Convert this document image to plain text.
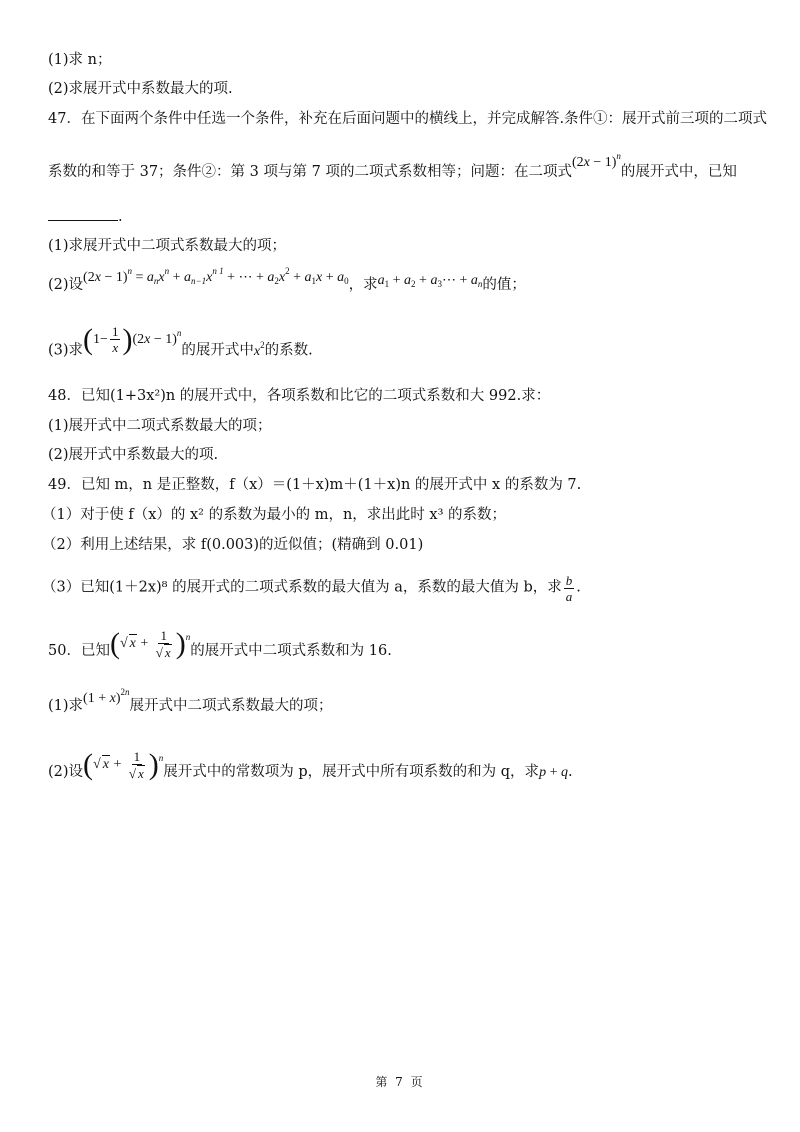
(1)求 n；
(2)求展开式中系数最大的项.
47．在下面两个条件中任选一个条件，补充在后面问题中的横线上，并完成解答.条件①：展开式前三项的二项式
系数的和等于 37；条件②：第 3 项与第 7 项的二项式系数相等；问题：在二项式$(2x - 1)^n$的展开式中，已知
.
(1)求展开式中二项式系数最大的项；
(2)设$(2x - 1)^n = a_nx^n + a_{n-1}x^{n 1}$ + ⋯ + $a_2x^2 + a_1x + a_0$，求$a_1 + a_2$ + $a_3\cdots + a_n$的值；
(3)求$(1- \frac{1}{x} )(2x - 1)^n$的展开式中$x^2$的系数.
48．已知(1+3x²)n 的展开式中，各项系数和比它的二项式系数和大 992.求：
(1)展开式中二项式系数最大的项；
(2)展开式中系数最大的项.
49．已知 m，n 是正整数，f（x）＝(1＋x)m＋(1＋x)n 的展开式中 x 的系数为 7.
（1）对于使 f（x）的 x² 的系数为最小的 m，n，求出此时 x³ 的系数；
（2）利用上述结果，求 f(0.003)的近似值；(精确到 0.01)
（3）已知(1＋2x)⁸ 的展开式的二项式系数的最大值为 a，系数的最大值为 b，求 $\frac{b}{a}$ .
50．已知(√ $x + \frac{1}{√ x} )^n$的展开式中二项式系数和为 16.
(1)求$(1 + x)^{2n}$展开式中二项式系数最大的项；
(2)设(√ $x + \frac{1}{√ x} )^n$展开式中的常数项为 p，展开式中所有项系数的和为 q，求p + q.
第 7 页
